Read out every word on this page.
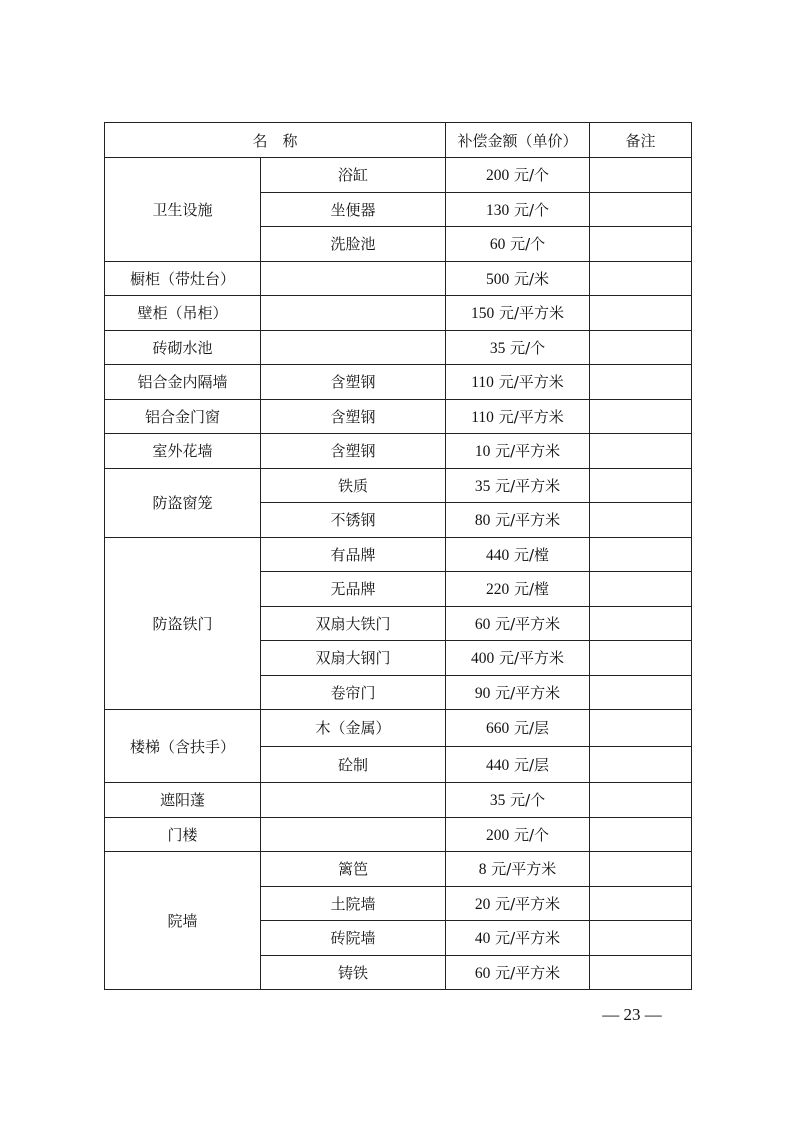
名　称		补偿金额（单价）	备注
卫生设施	浴缸	200 元/个	
	坐便器	130 元/个	
	洗脸池	60 元/个	
橱柜（带灶台）		500 元/米	
壁柜（吊柜）		150 元/平方米	
砖砌水池		35 元/个	
铝合金内隔墙	含塑钢	110 元/平方米	
铝合金门窗	含塑钢	110 元/平方米	
室外花墙	含塑钢	10 元/平方米	
防盗窗笼	铁质	35 元/平方米	
	不锈钢	80 元/平方米	
防盗铁门	有品牌	440 元/樘	
	无品牌	220 元/樘	
	双扇大铁门	60 元/平方米	
	双扇大钢门	400 元/平方米	
	卷帘门	90 元/平方米	
楼梯（含扶手）	木（金属）	660 元/层	
	砼制	440 元/层	
遮阳蓬		35 元/个	
门楼		200 元/个	
院墙	篱笆	8 元/平方米	
	土院墙	20 元/平方米	
	砖院墙	40 元/平方米	
	铸铁	60 元/平方米	
— 23 —
